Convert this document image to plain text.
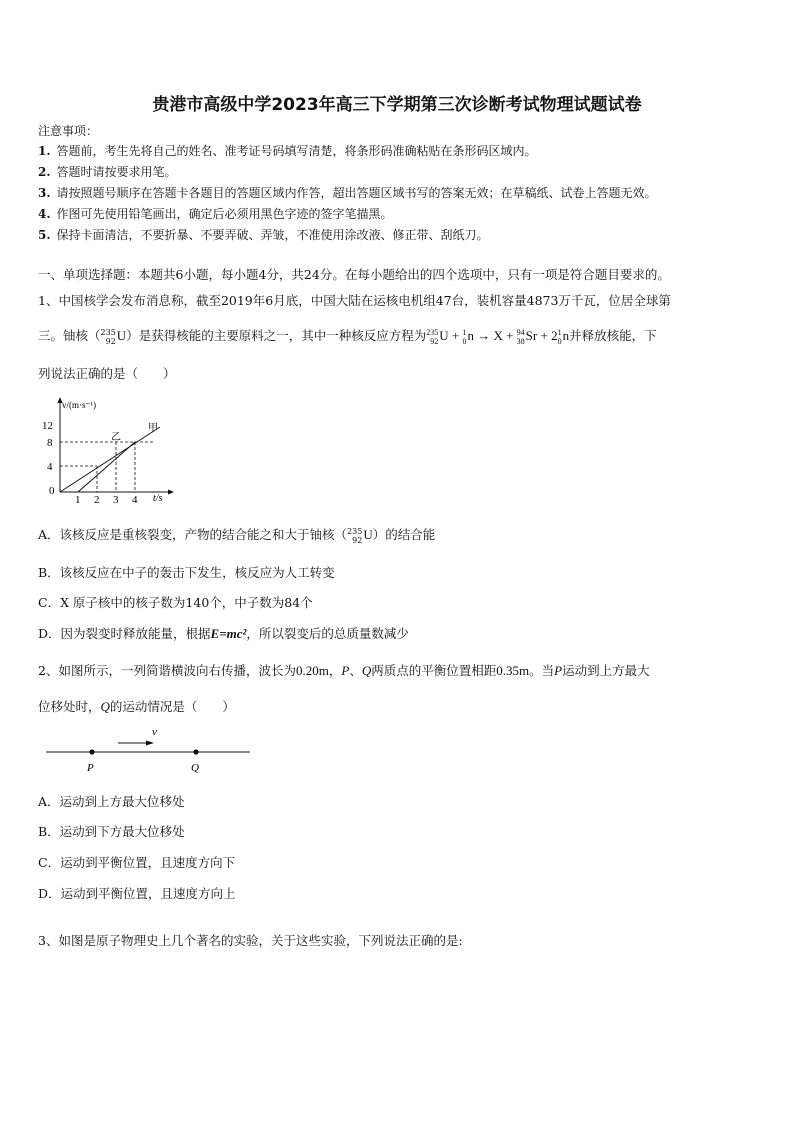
贵港市高级中学2023年高三下学期第三次诊断考试物理试题试卷
注意事项：
1. 答题前，考生先将自己的姓名、准考证号码填写清楚，将条形码准确粘贴在条形码区域内。
2. 答题时请按要求用笔。
3. 请按照题号顺序在答题卡各题目的答题区域内作答，超出答题区域书写的答案无效；在草稿纸、试卷上答题无效。
4. 作图可先使用铅笔画出，确定后必须用黑色字迹的签字笔描黑。
5. 保持卡面清洁，不要折暴、不要弄破、弄皱，不准使用涂改液、修正带、刮纸刀。
一、单项选择题：本题共6小题，每小题4分，共24分。在每小题给出的四个选项中，只有一项是符合题目要求的。
1、中国核学会发布消息称，截至2019年6月底，中国大陆在运核电机组47台，装机容量4873万千瓦，位居全球第
三。铀核（ 235
92 U）是获得核能的主要原料之一，其中一种核反应方程为 235
92 U + 1
0 n → X + 94
38 Sr + 2 1
0 n并释放核能，下
列说法正确的是（　　）
v/(m·s⁻¹)
12
8
4
0
1 2 3 4 t/s
甲
乙
A．该核反应是重核裂变，产物的结合能之和大于铀核（ 235
92 U）的结合能
B．该核反应在中子的轰击下发生，核反应为人工转变
C．X 原子核中的核子数为140个，中子数为84个
D．因为裂变时释放能量，根据E=mc²，所以裂变后的总质量数减少
2、如图所示，一列简谐横波向右传播，波长为0.20m，P、Q两质点的平衡位置相距0.35m。当P运动到上方最大
位移处时，Q的运动情况是（　　）
v
P	Q
A．运动到上方最大位移处
B．运动到下方最大位移处
C．运动到平衡位置，且速度方向下
D．运动到平衡位置，且速度方向上
3、如图是原子物理史上几个著名的实验，关于这些实验，下列说法正确的是:
